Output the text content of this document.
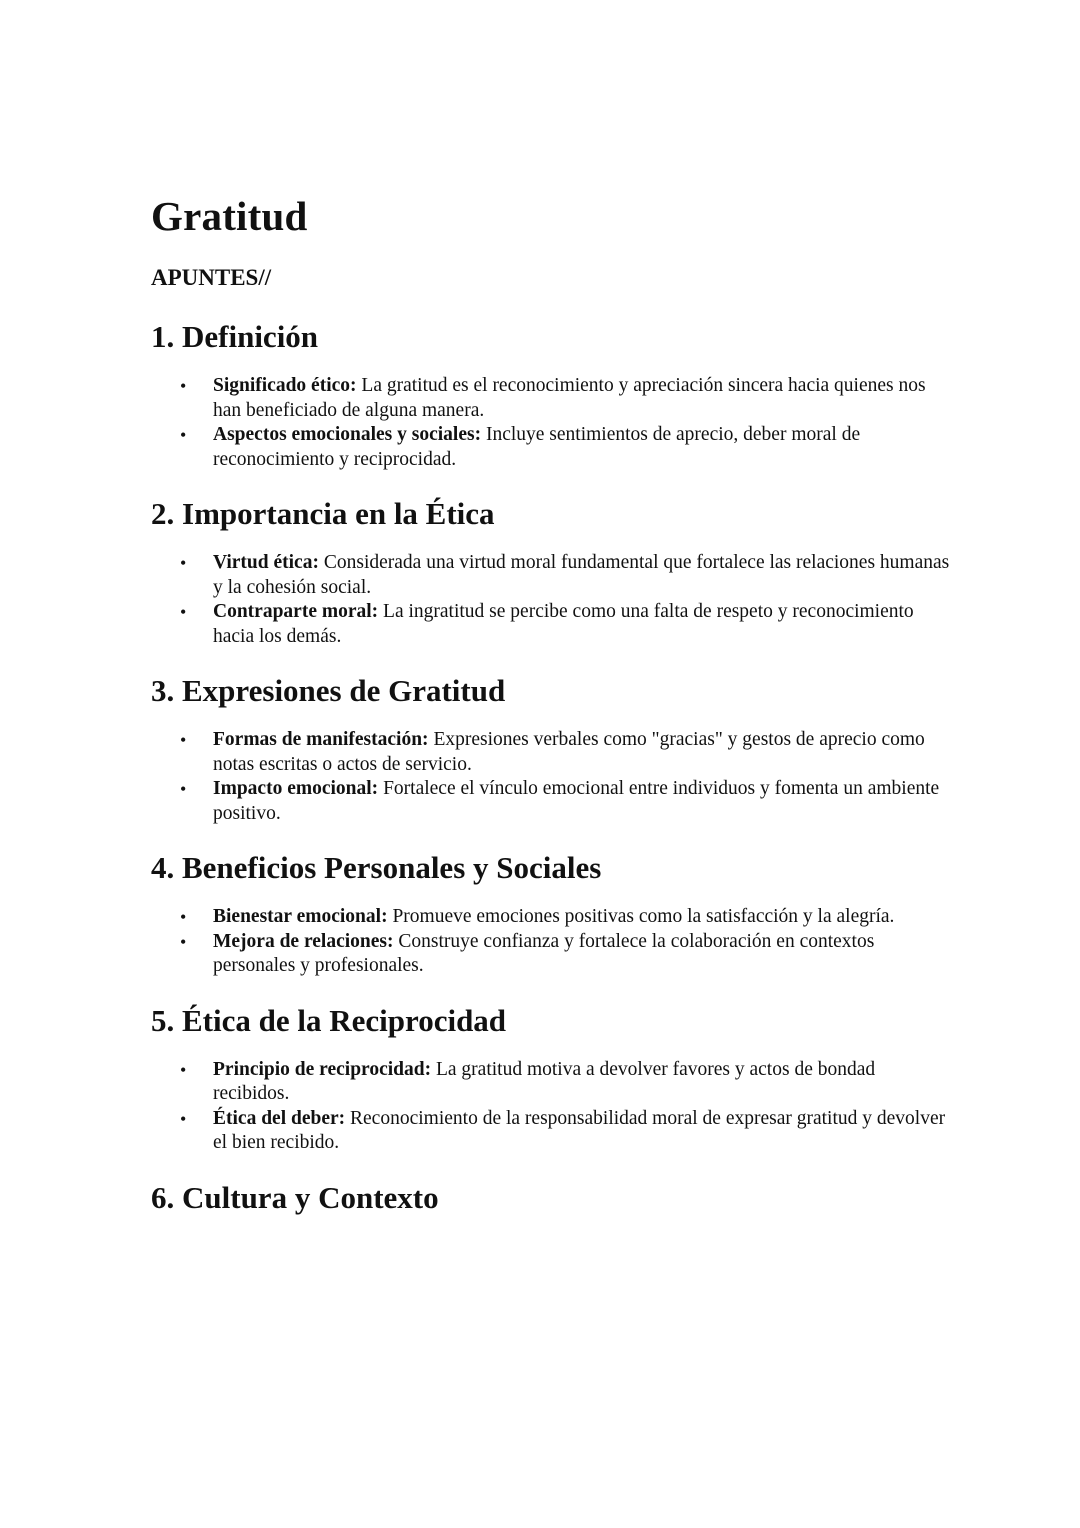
Gratitud
APUNTES//
1. Definición
• Significado ético: La gratitud es el reconocimiento y apreciación sincera hacia quienes nos han beneficiado de alguna manera.
• Aspectos emocionales y sociales: Incluye sentimientos de aprecio, deber moral de reconocimiento y reciprocidad.
2. Importancia en la Ética
• Virtud ética: Considerada una virtud moral fundamental que fortalece las relaciones humanas y la cohesión social.
• Contraparte moral: La ingratitud se percibe como una falta de respeto y reconocimiento hacia los demás.
3. Expresiones de Gratitud
• Formas de manifestación: Expresiones verbales como "gracias" y gestos de aprecio como notas escritas o actos de servicio.
• Impacto emocional: Fortalece el vínculo emocional entre individuos y fomenta un ambiente positivo.
4. Beneficios Personales y Sociales
• Bienestar emocional: Promueve emociones positivas como la satisfacción y la alegría.
• Mejora de relaciones: Construye confianza y fortalece la colaboración en contextos personales y profesionales.
5. Ética de la Reciprocidad
• Principio de reciprocidad: La gratitud motiva a devolver favores y actos de bondad recibidos.
• Ética del deber: Reconocimiento de la responsabilidad moral de expresar gratitud y devolver el bien recibido.
6. Cultura y Contexto
